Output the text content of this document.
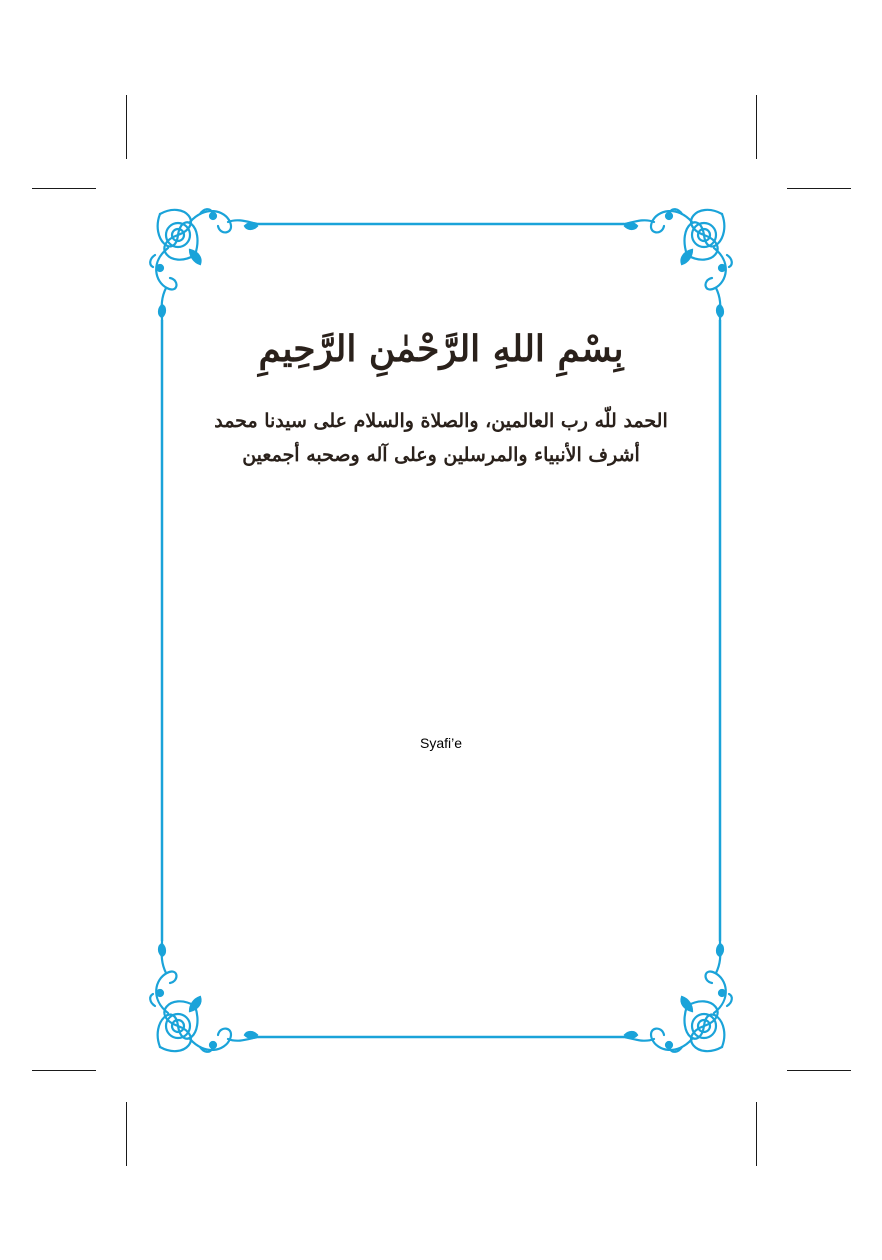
بِسْمِ اللهِ الرَّحْمٰنِ الرَّحِيمِ
الحمد للّه رب العالمين، والصلاة والسلام على سيدنا محمد
أشرف الأنبياء والمرسلين وعلى آله وصحبه أجمعين
Syafi’e
